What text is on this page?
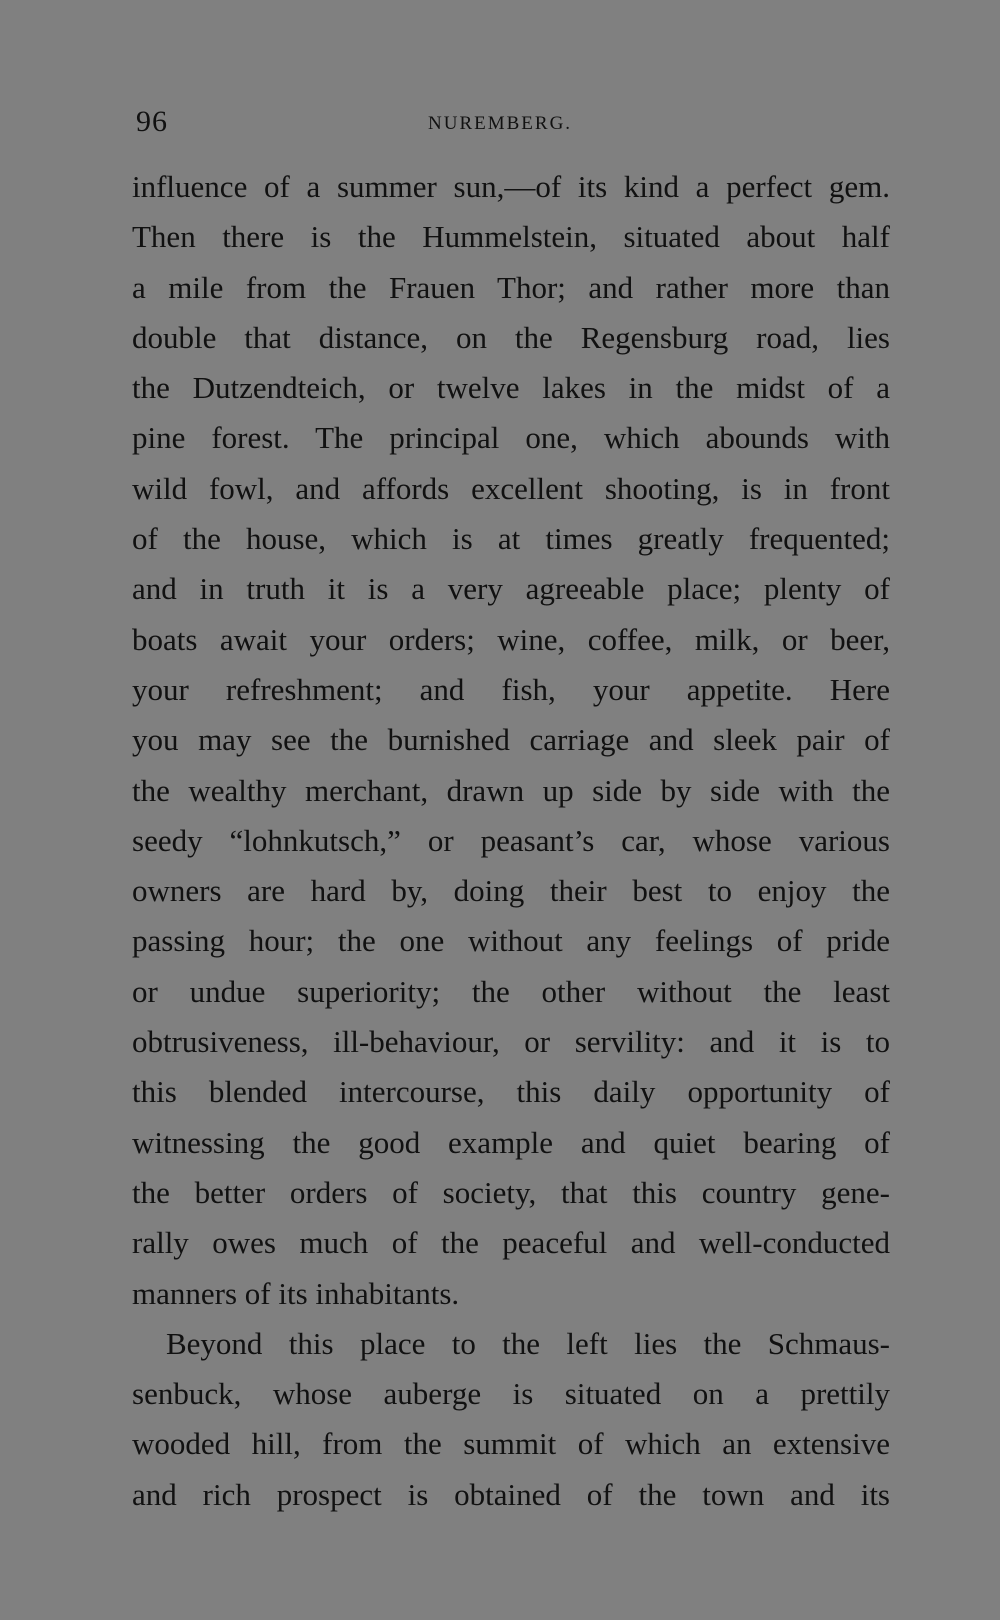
96	NUREMBERG.
influence of a summer sun,—of its kind a perfect gem.
Then there is the Hummelstein, situated about half
a mile from the Frauen Thor; and rather more than
double that distance, on the Regensburg road, lies
the Dutzendteich, or twelve lakes in the midst of a
pine forest. The principal one, which abounds with
wild fowl, and affords excellent shooting, is in front
of the house, which is at times greatly frequented;
and in truth it is a very agreeable place; plenty of
boats await your orders; wine, coffee, milk, or beer,
your refreshment; and fish, your appetite. Here
you may see the burnished carriage and sleek pair of
the wealthy merchant, drawn up side by side with the
seedy “lohnkutsch,” or peasant’s car, whose various
owners are hard by, doing their best to enjoy the
passing hour; the one without any feelings of pride
or undue superiority; the other without the least
obtrusiveness, ill-behaviour, or servility: and it is to
this blended intercourse, this daily opportunity of
witnessing the good example and quiet bearing of
the better orders of society, that this country gene-
rally owes much of the peaceful and well-conducted
manners of its inhabitants.
Beyond this place to the left lies the Schmaus-
senbuck, whose auberge is situated on a prettily
wooded hill, from the summit of which an extensive
and rich prospect is obtained of the town and its
